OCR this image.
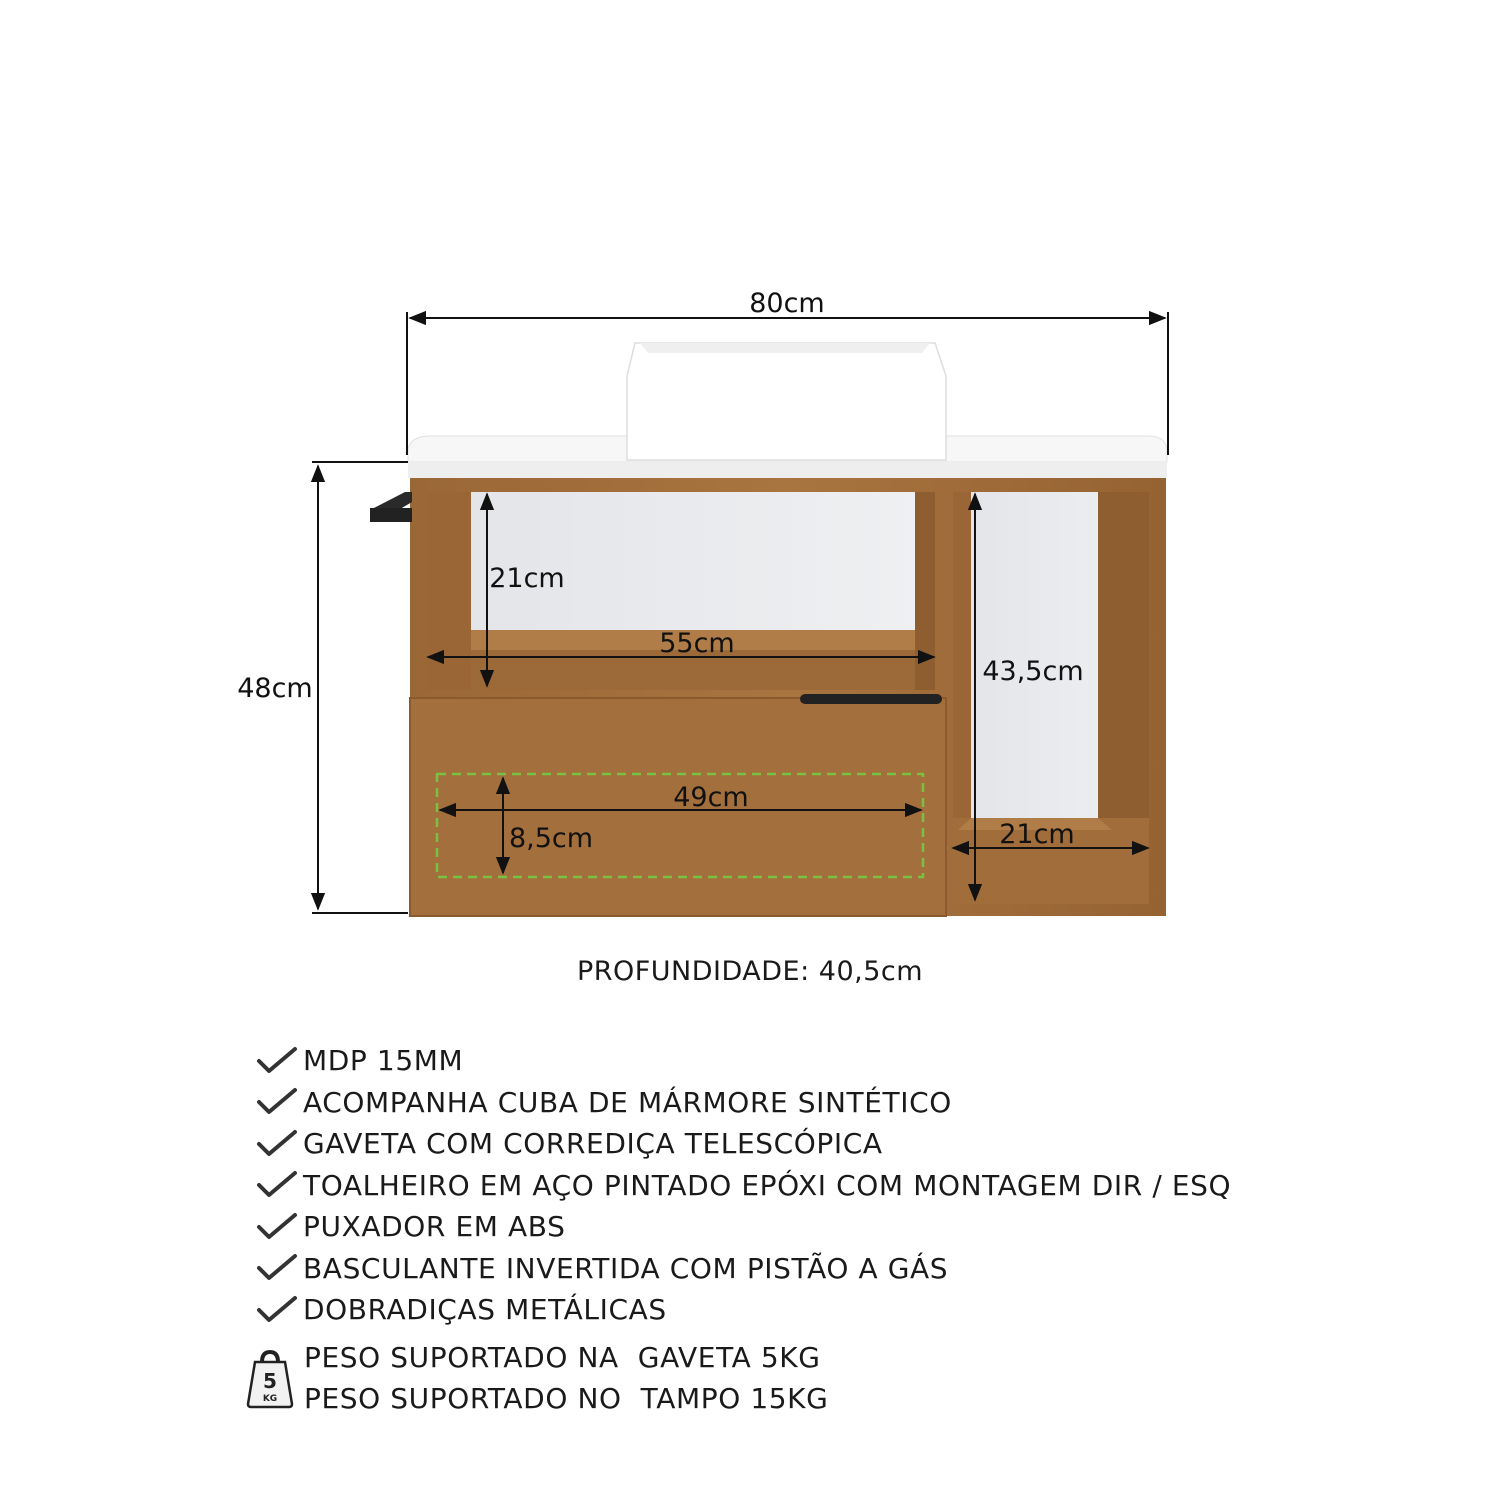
80cm
48cm
21cm
55cm
43,5cm
21cm
49cm
8,5cm
PROFUNDIDADE: 40,5cm
MDP 15MM
ACOMPANHA CUBA DE MÁRMORE SINTÉTICO
GAVETA COM CORREDIÇA TELESCÓPICA
TOALHEIRO EM AÇO PINTADO EPÓXI COM MONTAGEM DIR / ESQ
PUXADOR EM ABS
BASCULANTE INVERTIDA COM PISTÃO A GÁS
DOBRADIÇAS METÁLICAS
5
KG
PESO SUPORTADO NA  GAVETA 5KG
PESO SUPORTADO NO  TAMPO 15KG
